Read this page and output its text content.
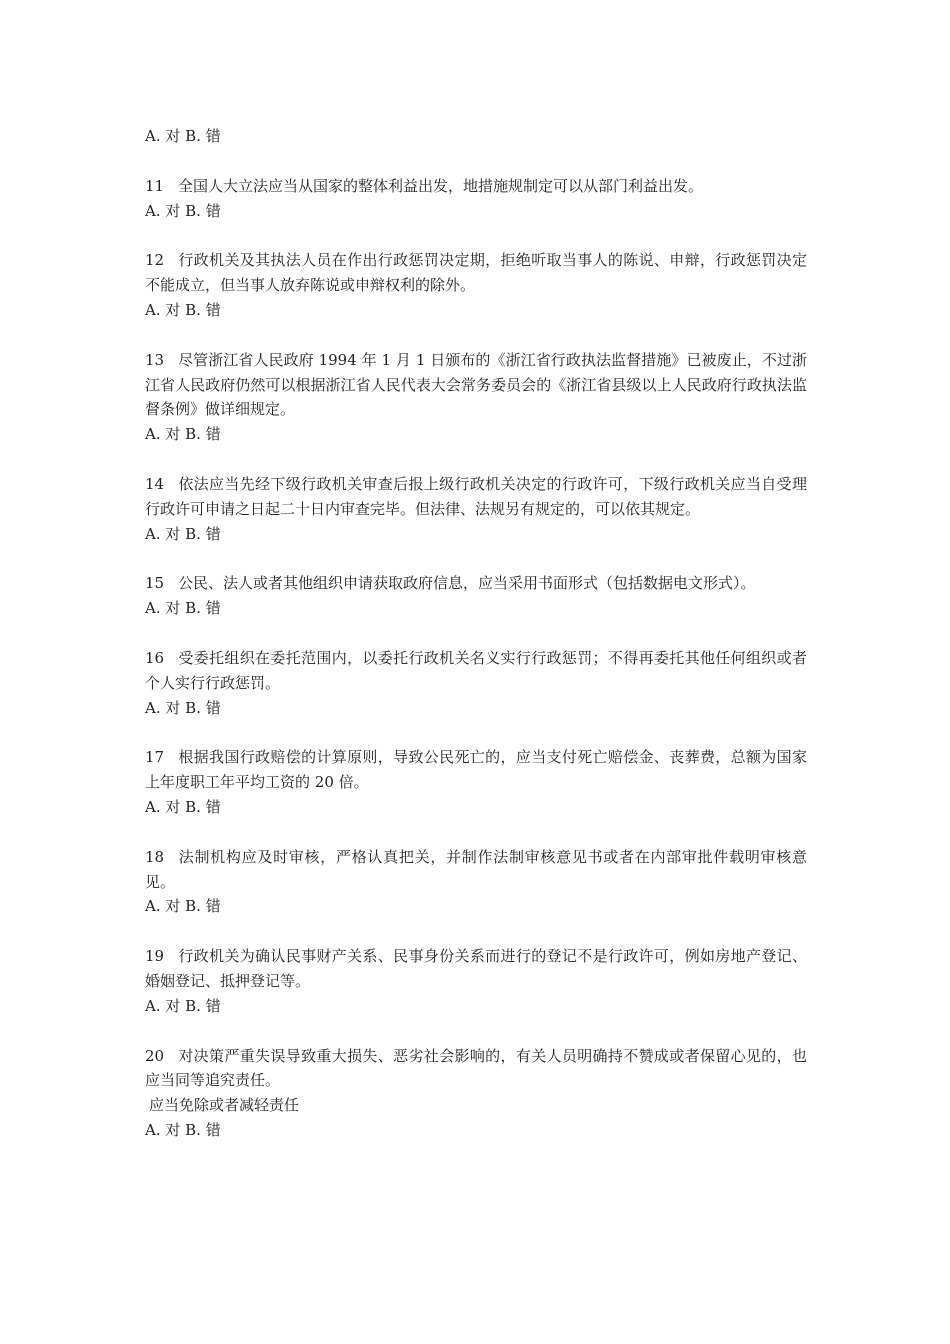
A. 对 B. 错
11 全国人大立法应当从国家的整体利益出发，地措施规制定可以从部门利益出发。
A. 对 B. 错
12 行政机关及其执法人员在作出行政惩罚决定期，拒绝听取当事人的陈说、申辩，行政惩罚决定不能成立，但当事人放弃陈说或申辩权利的除外。
A. 对 B. 错
13 尽管浙江省人民政府 1994 年 1 月 1 日颁布的《浙江省行政执法监督措施》已被废止，不过浙江省人民政府仍然可以根据浙江省人民代表大会常务委员会的《浙江省县级以上人民政府行政执法监督条例》做详细规定。
A. 对 B. 错
14 依法应当先经下级行政机关审查后报上级行政机关决定的行政许可，下级行政机关应当自受理行政许可申请之日起二十日内审查完毕。但法律、法规另有规定的，可以依其规定。
A. 对 B. 错
15 公民、法人或者其他组织申请获取政府信息，应当采用书面形式（包括数据电文形式）。
A. 对 B. 错
16 受委托组织在委托范围内，以委托行政机关名义实行行政惩罚；不得再委托其他任何组织或者个人实行行政惩罚。
A. 对 B. 错
17 根据我国行政赔偿的计算原则，导致公民死亡的，应当支付死亡赔偿金、丧葬费，总额为国家上年度职工年平均工资的 20 倍。
A. 对 B. 错
18 法制机构应及时审核，严格认真把关，并制作法制审核意见书或者在内部审批件载明审核意见。
A. 对 B. 错
19 行政机关为确认民事财产关系、民事身份关系而进行的登记不是行政许可，例如房地产登记、婚姻登记、抵押登记等。
A. 对 B. 错
20 对决策严重失误导致重大损失、恶劣社会影响的，有关人员明确持不赞成或者保留心见的，也应当同等追究责任。
应当免除或者减轻责任
A. 对 B. 错
